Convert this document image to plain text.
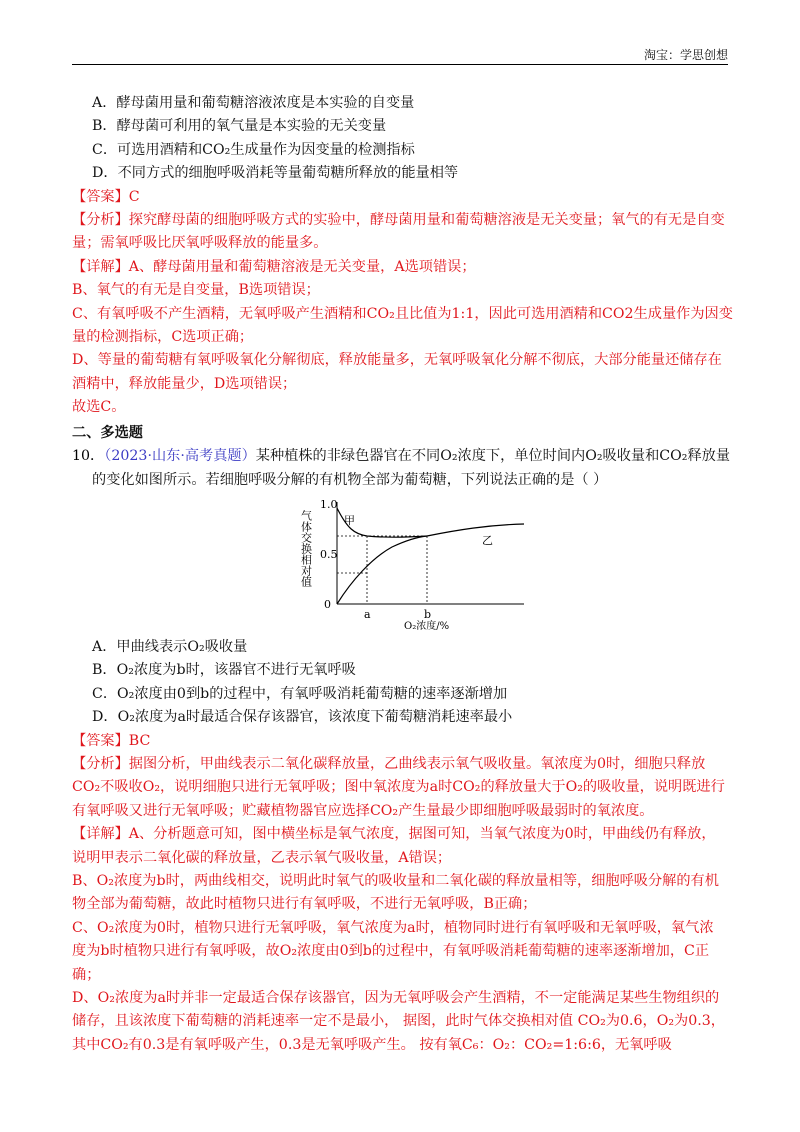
淘宝：学思创想
A．酵母菌用量和葡萄糖溶液浓度是本实验的自变量
B．酵母菌可利用的氧气量是本实验的无关变量
C．可选用酒精和CO₂生成量作为因变量的检测指标
D．不同方式的细胞呼吸消耗等量葡萄糖所释放的能量相等
【答案】C
【分析】探究酵母菌的细胞呼吸方式的实验中，酵母菌用量和葡萄糖溶液是无关变量；氧气的有无是自变
量；需氧呼吸比厌氧呼吸释放的能量多。
【详解】A、酵母菌用量和葡萄糖溶液是无关变量，A选项错误；
B、氧气的有无是自变量，B选项错误；
C、有氧呼吸不产生酒精，无氧呼吸产生酒精和CO₂且比值为1:1，因此可选用酒精和CO2生成量作为因变
量的检测指标，C选项正确；
D、等量的葡萄糖有氧呼吸氧化分解彻底，释放能量多，无氧呼吸氧化分解不彻底，大部分能量还储存在
酒精中，释放能量少，D选项错误；
故选C。
二、多选题
10．（2023·山东·高考真题）某种植株的非绿色器官在不同O₂浓度下，单位时间内O₂吸收量和CO₂释放量
的变化如图所示。若细胞呼吸分解的有机物全部为葡萄糖，下列说法正确的是（ ）
气体交换相对值
1.0
0.5
0
a	b
O₂浓度/%
甲
乙
A．甲曲线表示O₂吸收量
B．O₂浓度为b时，该器官不进行无氧呼吸
C．O₂浓度由0到b的过程中，有氧呼吸消耗葡萄糖的速率逐渐增加
D．O₂浓度为a时最适合保存该器官，该浓度下葡萄糖消耗速率最小
【答案】BC
【分析】据图分析，甲曲线表示二氧化碳释放量，乙曲线表示氧气吸收量。氧浓度为0时，细胞只释放
CO₂不吸收O₂，说明细胞只进行无氧呼吸；图中氧浓度为a时CO₂的释放量大于O₂的吸收量，说明既进行
有氧呼吸又进行无氧呼吸；贮藏植物器官应选择CO₂产生量最少即细胞呼吸最弱时的氧浓度。
【详解】A、分析题意可知，图中横坐标是氧气浓度，据图可知，当氧气浓度为0时，甲曲线仍有释放，
说明甲表示二氧化碳的释放量，乙表示氧气吸收量，A错误；
B、O₂浓度为b时，两曲线相交，说明此时氧气的吸收量和二氧化碳的释放量相等，细胞呼吸分解的有机
物全部为葡萄糖，故此时植物只进行有氧呼吸，不进行无氧呼吸，B正确；
C、O₂浓度为0时，植物只进行无氧呼吸，氧气浓度为a时，植物同时进行有氧呼吸和无氧呼吸，氧气浓
度为b时植物只进行有氧呼吸，故O₂浓度由0到b的过程中，有氧呼吸消耗葡萄糖的速率逐渐增加，C正
确；
D、O₂浓度为a时并非一定最适合保存该器官，因为无氧呼吸会产生酒精，不一定能满足某些生物组织的
储存，且该浓度下葡萄糖的消耗速率一定不是最小， 据图，此时气体交换相对值 CO₂为0.6，O₂为0.3，
其中CO₂有0.3是有氧呼吸产生，0.3是无氧呼吸产生。 按有氧C₆：O₂：CO₂=1:6:6，无氧呼吸
